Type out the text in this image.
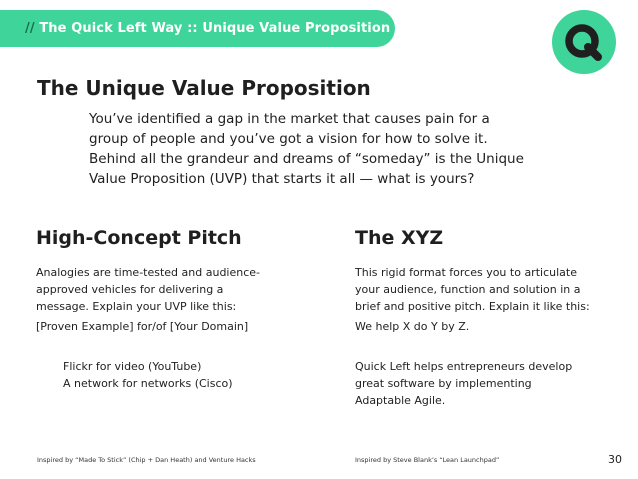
// The Quick Left Way :: Unique Value Proposition
The Unique Value Proposition

You’ve identified a gap in the market that causes pain for a

group of people and you’ve got a vision for how to solve it.

Behind all the grandeur and dreams of “someday” is the Unique

Value Proposition (UVP) that starts it all — what is yours?

High-Concept Pitch

Analogies are time-tested and audience-

approved vehicles for delivering a

message. Explain your UVP like this:

[Proven Example] for/of [Your Domain]

Flickr for video (YouTube)

A network for networks (Cisco)

The XYZ

This rigid format forces you to articulate

your audience, function and solution in a

brief and positive pitch. Explain it like this:

We help X do Y by Z.

Quick Left helps entrepreneurs develop

great software by implementing

Adaptable Agile.

Inspired by “Made To Stick” (Chip + Dan Heath) and Venture Hacks	Inspired by Steve Blank’s “Lean Launchpad”	30
